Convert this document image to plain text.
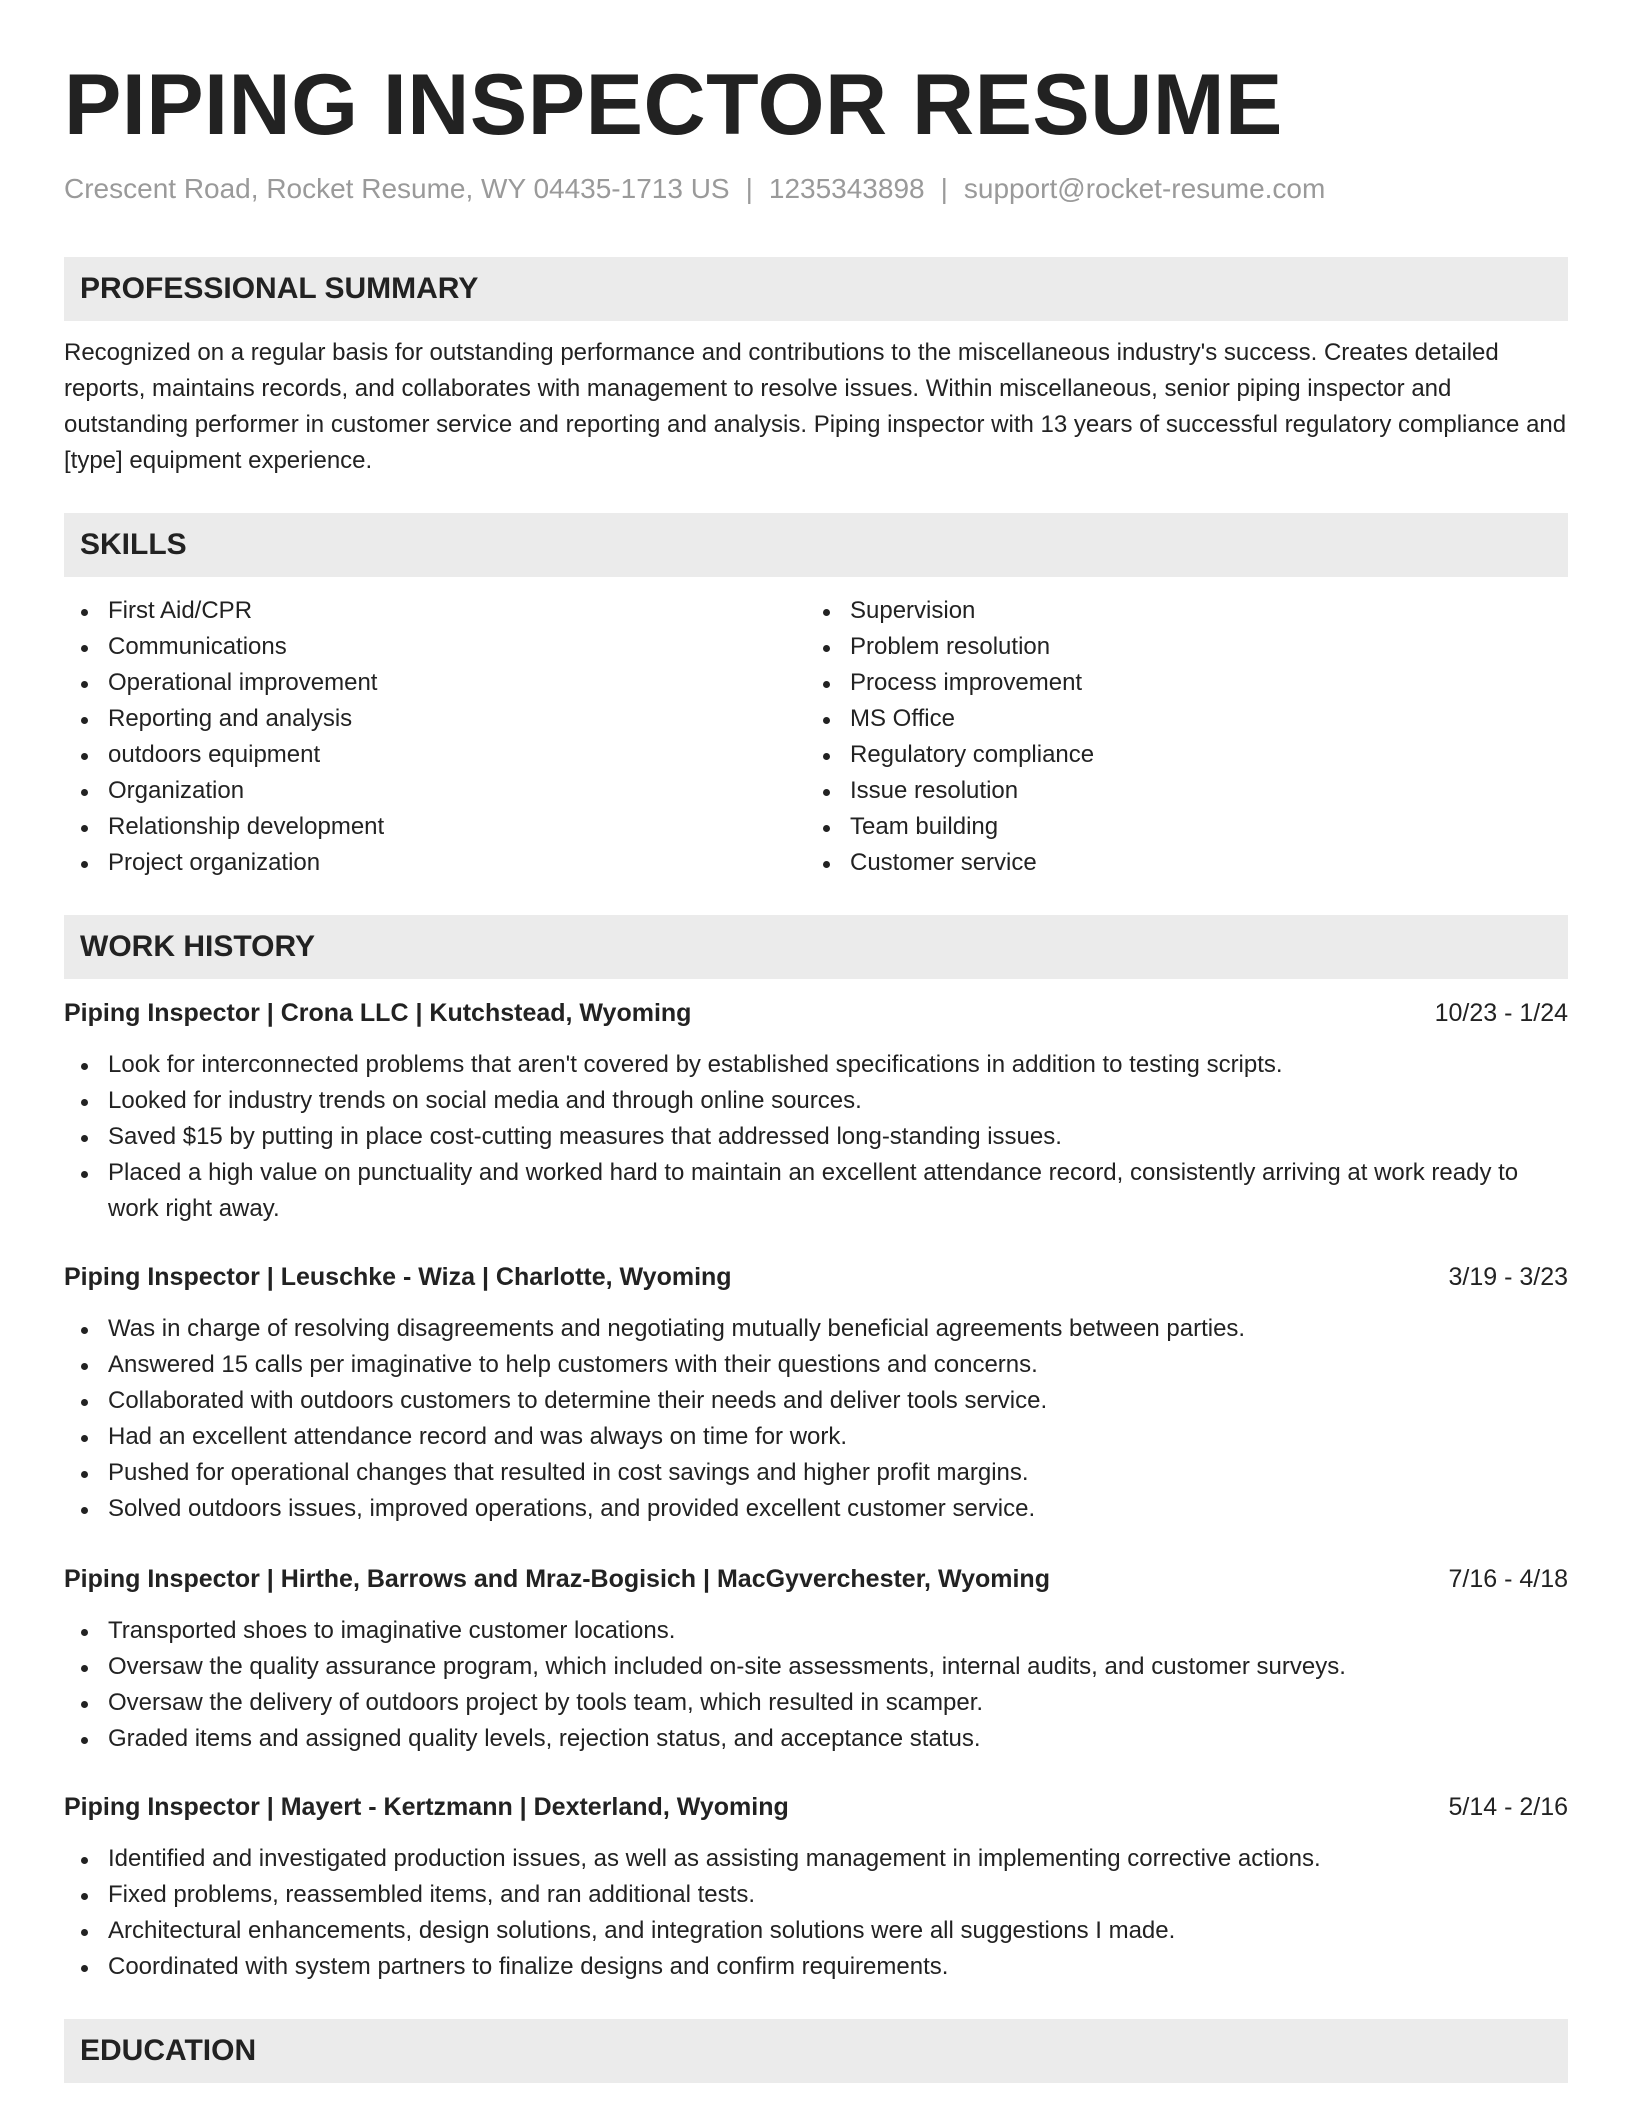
PIPING INSPECTOR RESUME
Crescent Road, Rocket Resume, WY 04435-1713 US | 1235343898 | support@rocket-resume.com
PROFESSIONAL SUMMARY

Recognized on a regular basis for outstanding performance and contributions to the miscellaneous industry's success. Creates detailed reports, maintains records, and collaborates with management to resolve issues. Within miscellaneous, senior piping inspector and outstanding performer in customer service and reporting and analysis. Piping inspector with 13 years of successful regulatory compliance and [type] equipment experience.

SKILLS
First Aid/CPR
Communications
Operational improvement
Reporting and analysis
outdoors equipment
Organization
Relationship development
Project organization
Supervision
Problem resolution
Process improvement
MS Office
Regulatory compliance
Issue resolution
Team building
Customer service
WORK HISTORY
Piping Inspector | Crona LLC | Kutchstead, Wyoming	10/23 - 1/24
Look for interconnected problems that aren't covered by established specifications in addition to testing scripts.
Looked for industry trends on social media and through online sources.
Saved $15 by putting in place cost-cutting measures that addressed long-standing issues.
Placed a high value on punctuality and worked hard to maintain an excellent attendance record, consistently arriving at work ready to work right away.
Piping Inspector | Leuschke - Wiza | Charlotte, Wyoming	3/19 - 3/23
Was in charge of resolving disagreements and negotiating mutually beneficial agreements between parties.
Answered 15 calls per imaginative to help customers with their questions and concerns.
Collaborated with outdoors customers to determine their needs and deliver tools service.
Had an excellent attendance record and was always on time for work.
Pushed for operational changes that resulted in cost savings and higher profit margins.
Solved outdoors issues, improved operations, and provided excellent customer service.
Piping Inspector | Hirthe, Barrows and Mraz-Bogisich | MacGyverchester, Wyoming	7/16 - 4/18
Transported shoes to imaginative customer locations.
Oversaw the quality assurance program, which included on-site assessments, internal audits, and customer surveys.
Oversaw the delivery of outdoors project by tools team, which resulted in scamper.
Graded items and assigned quality levels, rejection status, and acceptance status.
Piping Inspector | Mayert - Kertzmann | Dexterland, Wyoming	5/14 - 2/16
Identified and investigated production issues, as well as assisting management in implementing corrective actions.
Fixed problems, reassembled items, and ran additional tests.
Architectural enhancements, design solutions, and integration solutions were all suggestions I made.
Coordinated with system partners to finalize designs and confirm requirements.
EDUCATION
